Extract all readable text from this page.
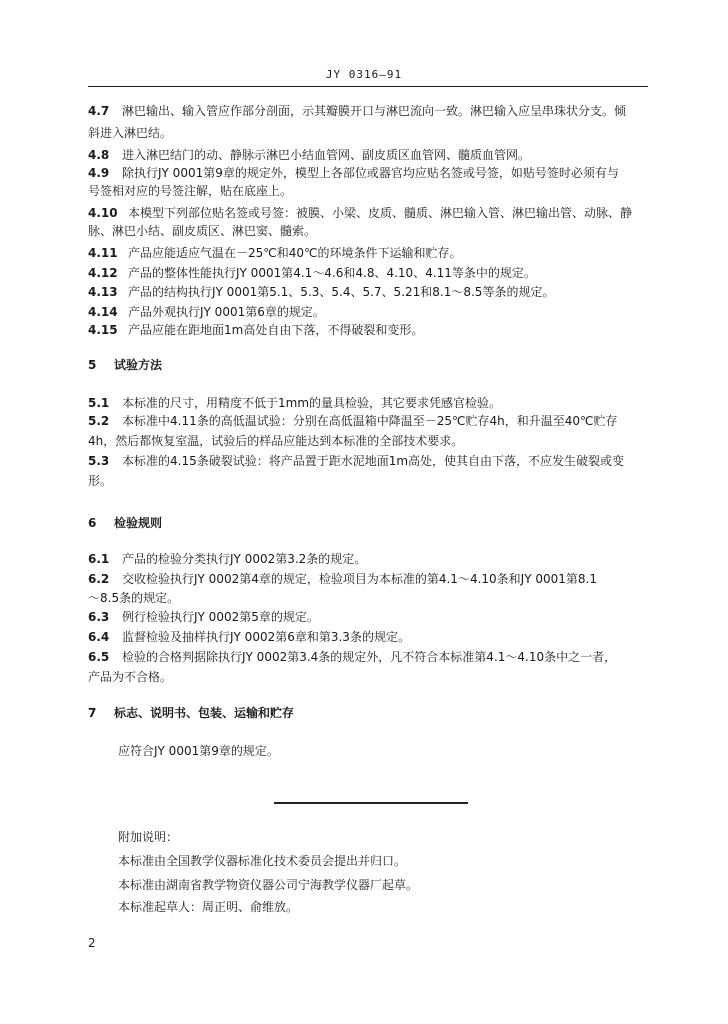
JY 0316—91
4.7 淋巴输出、输入管应作部分剖面，示其瓣膜开口与淋巴流向一致。淋巴输入应呈串珠状分支。倾
斜进入淋巴结。
4.8 进入淋巴结门的动、静脉示淋巴小结血管网、副皮质区血管网、髓质血管网。
4.9 除执行JY 0001第9章的规定外，模型上各部位或器官均应贴名签或号签，如贴号签时必须有与
号签相对应的号签注解，贴在底座上。
4.10 本模型下列部位贴名签或号签：被膜、小梁、皮质、髓质、淋巴输入管、淋巴输出管、动脉、静
脉、淋巴小结、副皮质区、淋巴窦、髓索。
4.11 产品应能适应气温在－25℃和40℃的环境条件下运输和贮存。
4.12 产品的整体性能执行JY 0001第4.1～4.6和4.8、4.10、4.11等条中的规定。
4.13 产品的结构执行JY 0001第5.1、5.3、5.4、5.7、5.21和8.1～8.5等条的规定。
4.14 产品外观执行JY 0001第6章的规定。
4.15 产品应能在距地面1m高处自由下落，不得破裂和变形。
5 试验方法
5.1 本标准的尺寸，用精度不低于1mm的量具检验，其它要求凭感官检验。
5.2 本标准中4.11条的高低温试验：分别在高低温箱中降温至－25℃贮存4h，和升温至40℃贮存
4h，然后都恢复室温，试验后的样品应能达到本标准的全部技术要求。
5.3 本标准的4.15条破裂试验：将产品置于距水泥地面1m高处，使其自由下落，不应发生破裂或变
形。
6 检验规则
6.1 产品的检验分类执行JY 0002第3.2条的规定。
6.2 交收检验执行JY 0002第4章的规定，检验项目为本标准的第4.1～4.10条和JY 0001第8.1
～8.5条的规定。
6.3 例行检验执行JY 0002第5章的规定。
6.4 监督检验及抽样执行JY 0002第6章和第3.3条的规定。
6.5 检验的合格判据除执行JY 0002第3.4条的规定外，凡不符合本标准第4.1～4.10条中之一者，
产品为不合格。
7 标志、说明书、包装、运输和贮存
应符合JY 0001第9章的规定。
附加说明：
本标准由全国教学仪器标准化技术委员会提出并归口。
本标准由湖南省教学物资仪器公司宁海教学仪器厂起草。
本标准起草人：周正明、俞维放。
2
